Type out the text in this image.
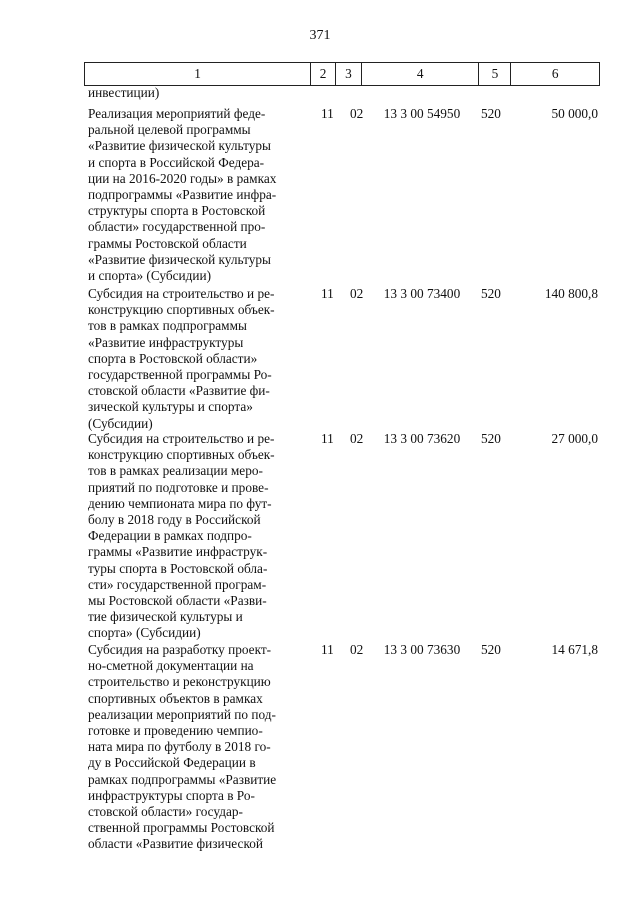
371
1	2	3	4	5	6
инвестиции)
Реализация мероприятий феде-
ральной целевой программы
«Развитие физической культуры
и спорта в Российской Федера-
ции на 2016-2020 годы» в рамках
подпрограммы «Развитие инфра-
структуры спорта в Ростовской
области» государственной про-
граммы Ростовской области
«Развитие физической культуры
и спорта» (Субсидии)
11 02	13 3 00 54950	520	50 000,0
Субсидия на строительство и ре-
конструкцию спортивных объек-
тов в рамках подпрограммы
«Развитие инфраструктуры
спорта в Ростовской области»
государственной программы Ро-
стовской области «Развитие фи-
зической культуры и спорта»
(Субсидии)
11 02	13 3 00 73400	520	140 800,8
Субсидия на строительство и ре-
конструкцию спортивных объек-
тов в рамках реализации меро-
приятий по подготовке и прове-
дению чемпионата мира по фут-
болу в 2018 году в Российской
Федерации в рамках подпро-
граммы «Развитие инфраструк-
туры спорта в Ростовской обла-
сти» государственной програм-
мы Ростовской области «Разви-
тие физической культуры и
спорта» (Субсидии)
11 02	13 3 00 73620	520	27 000,0
Субсидия на разработку проект-
но-сметной документации на
строительство и реконструкцию
спортивных объектов в рамках
реализации мероприятий по под-
готовке и проведению чемпио-
ната мира по футболу в 2018 го-
ду в Российской Федерации в
рамках подпрограммы «Развитие
инфраструктуры спорта в Ро-
стовской области» государ-
ственной программы Ростовской
области «Развитие физической
11 02	13 3 00 73630	520	14 671,8
